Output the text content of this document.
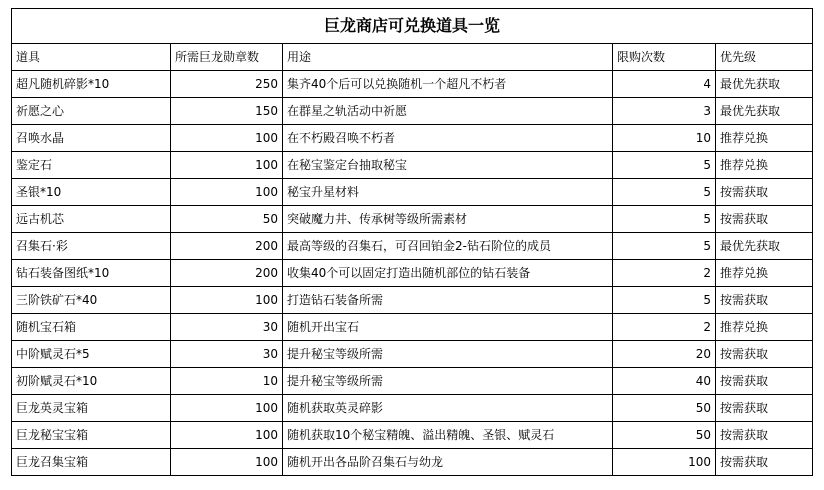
巨龙商店可兑换道具一览				
道具	所需巨龙勋章数	用途	限购次数	优先级
超凡随机碎影*10	250	集齐40个后可以兑换随机一个超凡不朽者	4	最优先获取
祈愿之心	150	在群星之轨活动中祈愿	3	最优先获取
召唤水晶	100	在不朽殿召唤不朽者	10	推荐兑换
鉴定石	100	在秘宝鉴定台抽取秘宝	5	推荐兑换
圣银*10	100	秘宝升星材料	5	按需获取
远古机芯	50	突破魔力井、传承树等级所需素材	5	按需获取
召集石·彩	200	最高等级的召集石，可召回铂金2-钻石阶位的成员	5	最优先获取
钻石装备图纸*10	200	收集40个可以固定打造出随机部位的钻石装备	2	推荐兑换
三阶铁矿石*40	100	打造钻石装备所需	5	按需获取
随机宝石箱	30	随机开出宝石	2	推荐兑换
中阶赋灵石*5	30	提升秘宝等级所需	20	按需获取
初阶赋灵石*10	10	提升秘宝等级所需	40	按需获取
巨龙英灵宝箱	100	随机获取英灵碎影	50	按需获取
巨龙秘宝宝箱	100	随机获取10个秘宝精魄、溢出精魄、圣银、赋灵石	50	按需获取
巨龙召集宝箱	100	随机开出各品阶召集石与幼龙	100	按需获取
